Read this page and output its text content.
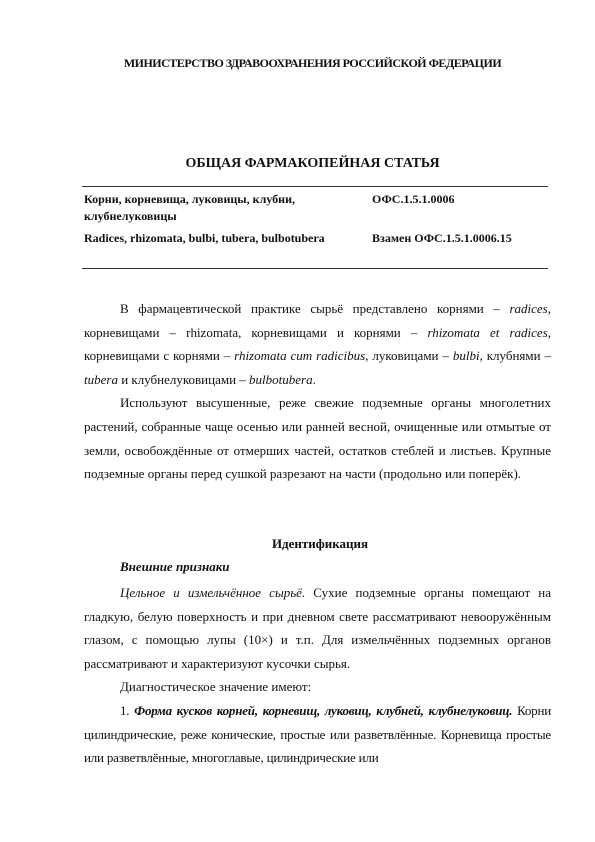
МИНИСТЕРСТВО ЗДРАВООХРАНЕНИЯ РОССИЙСКОЙ ФЕДЕРАЦИИ
ОБЩАЯ ФАРМАКОПЕЙНАЯ СТАТЬЯ
Корни, корневища, луковицы, клубни, клубнелуковицы
ОФС.1.5.1.0006
Radices, rhizomata, bulbi, tubera, bulbotubera	Взамен ОФС.1.5.1.0006.15

В фармацевтической практике сырьё представлено корнями – radices, корневищами – rhizomata, корневищами и корнями – rhizomata et radices, корневищами с корнями – rhizomata cum radicibus, луковицами – bulbi, клубнями – tubera и клубнелуковицами – bulbotubera.

Используют высушенные, реже свежие подземные органы многолетних растений, собранные чаще осенью или ранней весной, очищенные или отмытые от земли, освобождённые от отмерших частей, остатков стеблей и листьев. Крупные подземные органы перед сушкой разрезают на части (продольно или поперёк).

Идентификация
Внешние признаки

Цельное и измельчённое сырьё. Сухие подземные органы помещают на гладкую, белую поверхность и при дневном свете рассматривают невооружённым глазом, с помощью лупы (10×) и т.п. Для измельчённых подземных органов рассматривают и характеризуют кусочки сырья.

Диагностическое значение имеют:

1. Форма кусков корней, корневищ, луковиц, клубней, клубнелуковиц. Корни цилиндрические, реже конические, простые или разветвлённые. Корневища простые или разветвлённые, многоглавые, цилиндрические или
